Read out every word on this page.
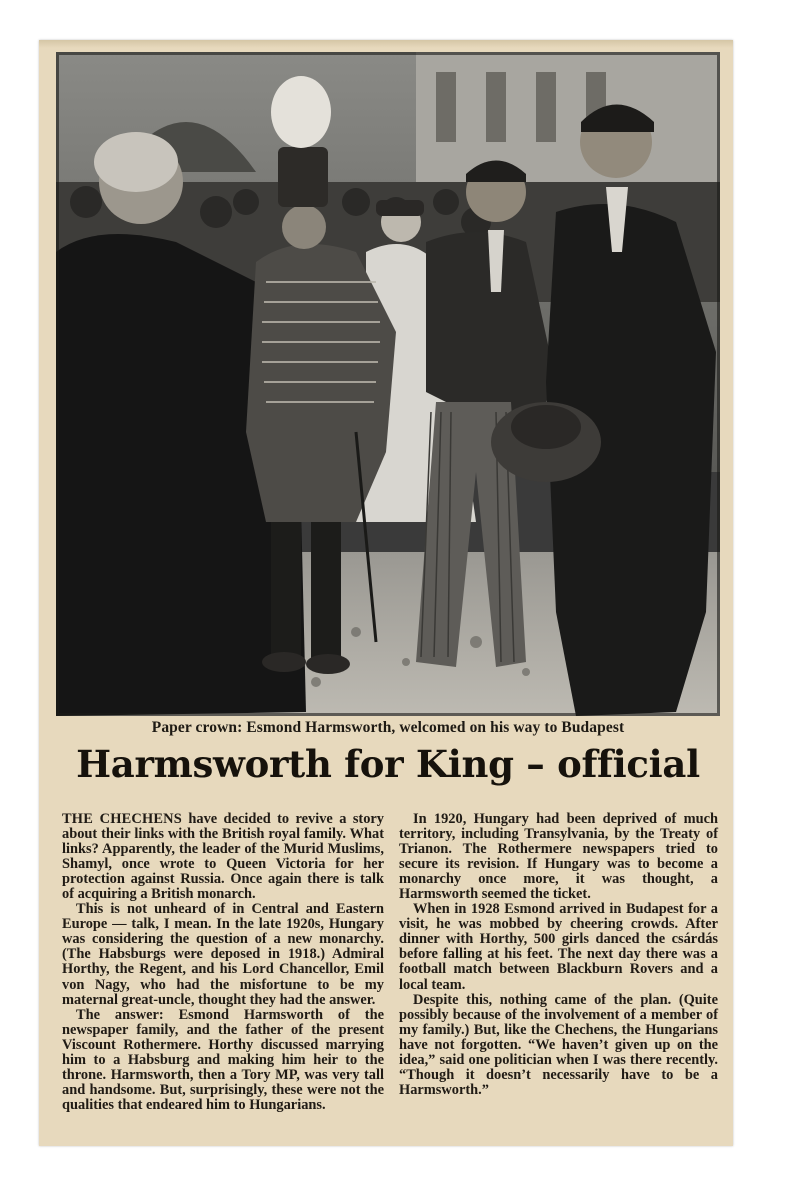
Paper crown: Esmond Harmsworth, welcomed on his way to Budapest
Harmsworth for King – official

THE CHECHENS have decided to revive a story about their links with the British royal family. What links? Apparently, the leader of the Murid Muslims, Shamyl, once wrote to Queen Victoria for her protection against Russia. Once again there is talk of acquiring a British monarch.

This is not unheard of in Central and Eastern Europe — talk, I mean. In the late 1920s, Hungary was considering the question of a new monarchy. (The Habsburgs were deposed in 1918.) Admiral Horthy, the Regent, and his Lord Chancellor, Emil von Nagy, who had the misfortune to be my maternal great-uncle, thought they had the answer.

The answer: Esmond Harmsworth of the newspaper family, and the father of the present Viscount Rothermere. Horthy discussed marrying him to a Habsburg and making him heir to the throne. Harmsworth, then a Tory MP, was very tall and handsome. But, surprisingly, these were not the qualities that endeared him to Hungarians.

In 1920, Hungary had been deprived of much territory, including Transylvania, by the Treaty of Trianon. The Rothermere newspapers tried to secure its revision. If Hungary was to become a monarchy once more, it was thought, a Harmsworth seemed the ticket.

When in 1928 Esmond arrived in Budapest for a visit, he was mobbed by cheering crowds. After dinner with Horthy, 500 girls danced the csárdás before falling at his feet. The next day there was a football match between Blackburn Rovers and a local team.

Despite this, nothing came of the plan. (Quite possibly because of the involvement of a member of my family.) But, like the Chechens, the Hungarians have not forgotten. “We haven’t given up on the idea,” said one politician when I was there recently. “Though it doesn’t necessarily have to be a Harmsworth.”
